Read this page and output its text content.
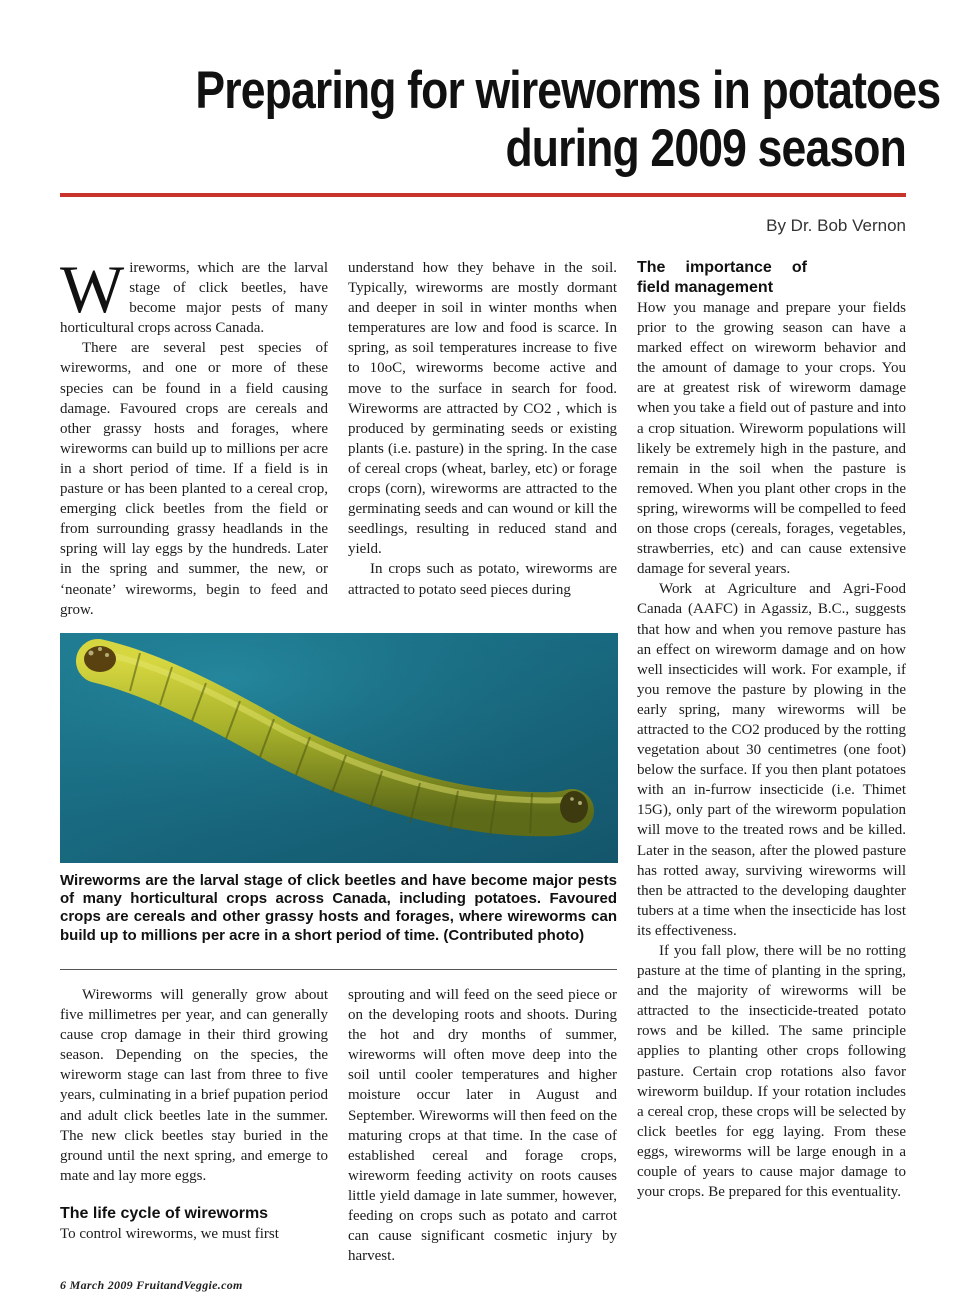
Preparing for wireworms in potatoes
during 2009 season
By Dr. Bob Vernon

Wireworms, which are the larval stage of click beetles, have become major pests of many horticultural crops across Canada.

There are several pest species of wireworms, and one or more of these species can be found in a field causing damage. Favoured crops are cereals and other grassy hosts and forages, where wireworms can build up to millions per acre in a short period of time. If a field is in pasture or has been planted to a cereal crop, emerging click beetles from the field or from surrounding grassy headlands in the spring will lay eggs by the hundreds. Later in the spring and summer, the new, or ‘neonate’ wireworms, begin to feed and grow.

understand how they behave in the soil. Typically, wireworms are mostly dormant and deeper in soil in winter months when temperatures are low and food is scarce. In spring, as soil temperatures increase to five to 10oC, wireworms become active and move to the surface in search for food. Wireworms are attracted by CO2 , which is produced by germinating seeds or existing plants (i.e. pasture) in the spring. In the case of cereal crops (wheat, barley, etc) or forage crops (corn), wireworms are attracted to the germinating seeds and can wound or kill the seedlings, resulting in reduced stand and yield.

In crops such as potato, wireworms are attracted to potato seed pieces during

The importance of field management

How you manage and prepare your fields prior to the growing season can have a marked effect on wireworm behavior and the amount of damage to your crops. You are at greatest risk of wireworm damage when you take a field out of pasture and into a crop situation. Wireworm populations will likely be extremely high in the pasture, and remain in the soil when the pasture is removed. When you plant other crops in the spring, wireworms will be compelled to feed on those crops (cereals, forages, vegetables, strawberries, etc) and can cause extensive damage for several years.

Work at Agriculture and Agri-Food Canada (AAFC) in Agassiz, B.C., suggests that how and when you remove pasture has an effect on wireworm damage and on how well insecticides will work. For example, if you remove the pasture by plowing in the early spring, many wireworms will be attracted to the CO2 produced by the rotting vegetation about 30 centimetres (one foot) below the surface. If you then plant potatoes with an in-furrow insecticide (i.e. Thimet 15G), only part of the wireworm population will move to the treated rows and be killed. Later in the season, after the plowed pasture has rotted away, surviving wireworms will then be attracted to the developing daughter tubers at a time when the insecticide has lost its effectiveness.

If you fall plow, there will be no rotting pasture at the time of planting in the spring, and the majority of wireworms will be attracted to the insecticide-treated potato rows and be killed. The same principle applies to planting other crops following pasture. Certain crop rotations also favor wireworm buildup. If your rotation includes a cereal crop, these crops will be selected by click beetles for egg laying. From these eggs, wireworms will be large enough in a couple of years to cause major damage to your crops. Be prepared for this eventuality.

Wireworms are the larval stage of click beetles and have become major pests of many horticultural crops across Canada, including potatoes. Favoured crops are cereals and other grassy hosts and forages, where wireworms can build up to millions per acre in a short period of time. (Contributed photo)

Wireworms will generally grow about five millimetres per year, and can generally cause crop damage in their third growing season. Depending on the species, the wireworm stage can last from three to five years, culminating in a brief pupation period and adult click beetles late in the summer. The new click beetles stay buried in the ground until the next spring, and emerge to mate and lay more eggs.

The life cycle of wireworms

To control wireworms, we must first

sprouting and will feed on the seed piece or on the developing roots and shoots. During the hot and dry months of summer, wireworms will often move deep into the soil until cooler temperatures and higher moisture occur later in August and September. Wireworms will then feed on the maturing crops at that time. In the case of established cereal and forage crops, wireworm feeding activity on roots causes little yield damage in late summer, however, feeding on crops such as potato and carrot can cause significant cosmetic injury by harvest.

6 March 2009 FruitandVeggie.com
